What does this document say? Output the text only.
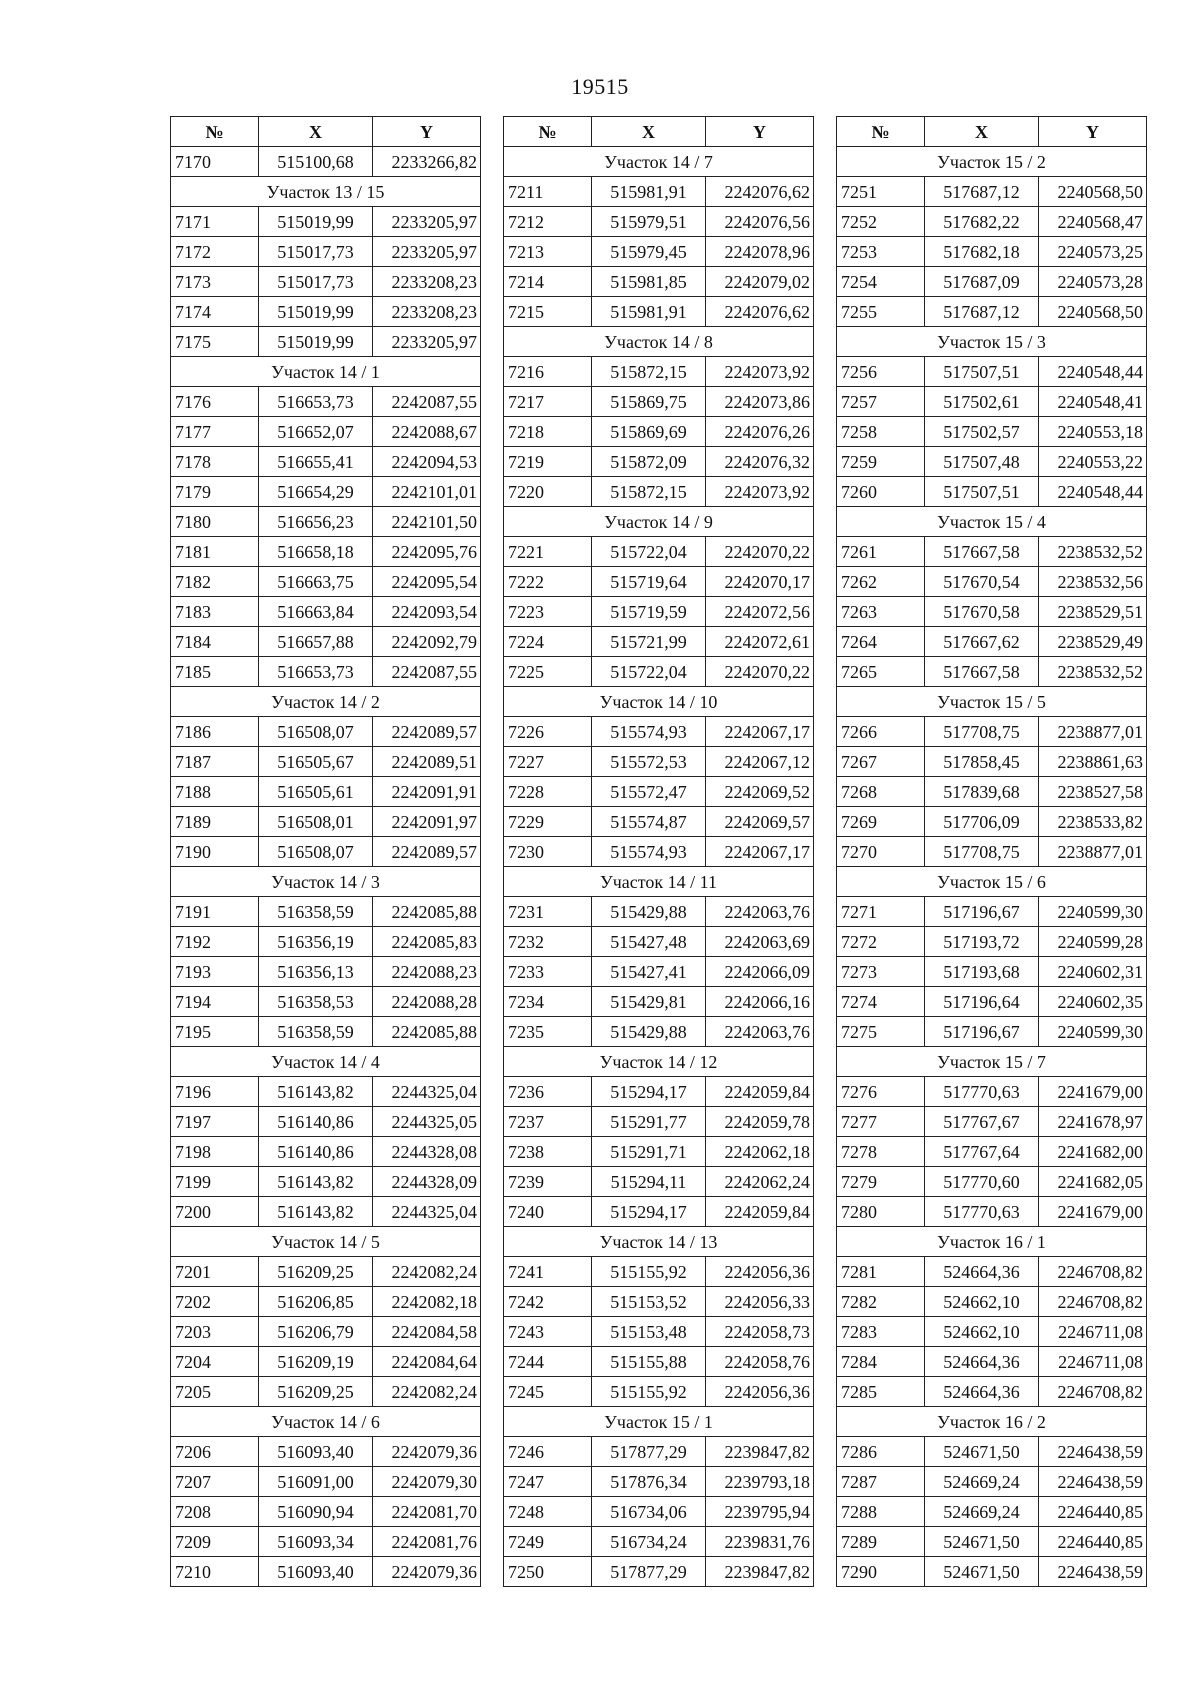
19515
№	X	Y
7170	515100,68	2233266,82
Участок 13 / 15		
7171	515019,99	2233205,97
7172	515017,73	2233205,97
7173	515017,73	2233208,23
7174	515019,99	2233208,23
7175	515019,99	2233205,97
Участок 14 / 1		
7176	516653,73	2242087,55
7177	516652,07	2242088,67
7178	516655,41	2242094,53
7179	516654,29	2242101,01
7180	516656,23	2242101,50
7181	516658,18	2242095,76
7182	516663,75	2242095,54
7183	516663,84	2242093,54
7184	516657,88	2242092,79
7185	516653,73	2242087,55
Участок 14 / 2		
7186	516508,07	2242089,57
7187	516505,67	2242089,51
7188	516505,61	2242091,91
7189	516508,01	2242091,97
7190	516508,07	2242089,57
Участок 14 / 3		
7191	516358,59	2242085,88
7192	516356,19	2242085,83
7193	516356,13	2242088,23
7194	516358,53	2242088,28
7195	516358,59	2242085,88
Участок 14 / 4		
7196	516143,82	2244325,04
7197	516140,86	2244325,05
7198	516140,86	2244328,08
7199	516143,82	2244328,09
7200	516143,82	2244325,04
Участок 14 / 5		
7201	516209,25	2242082,24
7202	516206,85	2242082,18
7203	516206,79	2242084,58
7204	516209,19	2242084,64
7205	516209,25	2242082,24
Участок 14 / 6		
7206	516093,40	2242079,36
7207	516091,00	2242079,30
7208	516090,94	2242081,70
7209	516093,34	2242081,76
7210	516093,40	2242079,36
№	X	Y
Участок 14 / 7		
7211	515981,91	2242076,62
7212	515979,51	2242076,56
7213	515979,45	2242078,96
7214	515981,85	2242079,02
7215	515981,91	2242076,62
Участок 14 / 8		
7216	515872,15	2242073,92
7217	515869,75	2242073,86
7218	515869,69	2242076,26
7219	515872,09	2242076,32
7220	515872,15	2242073,92
Участок 14 / 9		
7221	515722,04	2242070,22
7222	515719,64	2242070,17
7223	515719,59	2242072,56
7224	515721,99	2242072,61
7225	515722,04	2242070,22
Участок 14 / 10		
7226	515574,93	2242067,17
7227	515572,53	2242067,12
7228	515572,47	2242069,52
7229	515574,87	2242069,57
7230	515574,93	2242067,17
Участок 14 / 11		
7231	515429,88	2242063,76
7232	515427,48	2242063,69
7233	515427,41	2242066,09
7234	515429,81	2242066,16
7235	515429,88	2242063,76
Участок 14 / 12		
7236	515294,17	2242059,84
7237	515291,77	2242059,78
7238	515291,71	2242062,18
7239	515294,11	2242062,24
7240	515294,17	2242059,84
Участок 14 / 13		
7241	515155,92	2242056,36
7242	515153,52	2242056,33
7243	515153,48	2242058,73
7244	515155,88	2242058,76
7245	515155,92	2242056,36
Участок 15 / 1		
7246	517877,29	2239847,82
7247	517876,34	2239793,18
7248	516734,06	2239795,94
7249	516734,24	2239831,76
7250	517877,29	2239847,82
№	X	Y
Участок 15 / 2		
7251	517687,12	2240568,50
7252	517682,22	2240568,47
7253	517682,18	2240573,25
7254	517687,09	2240573,28
7255	517687,12	2240568,50
Участок 15 / 3		
7256	517507,51	2240548,44
7257	517502,61	2240548,41
7258	517502,57	2240553,18
7259	517507,48	2240553,22
7260	517507,51	2240548,44
Участок 15 / 4		
7261	517667,58	2238532,52
7262	517670,54	2238532,56
7263	517670,58	2238529,51
7264	517667,62	2238529,49
7265	517667,58	2238532,52
Участок 15 / 5		
7266	517708,75	2238877,01
7267	517858,45	2238861,63
7268	517839,68	2238527,58
7269	517706,09	2238533,82
7270	517708,75	2238877,01
Участок 15 / 6		
7271	517196,67	2240599,30
7272	517193,72	2240599,28
7273	517193,68	2240602,31
7274	517196,64	2240602,35
7275	517196,67	2240599,30
Участок 15 / 7		
7276	517770,63	2241679,00
7277	517767,67	2241678,97
7278	517767,64	2241682,00
7279	517770,60	2241682,05
7280	517770,63	2241679,00
Участок 16 / 1		
7281	524664,36	2246708,82
7282	524662,10	2246708,82
7283	524662,10	2246711,08
7284	524664,36	2246711,08
7285	524664,36	2246708,82
Участок 16 / 2		
7286	524671,50	2246438,59
7287	524669,24	2246438,59
7288	524669,24	2246440,85
7289	524671,50	2246440,85
7290	524671,50	2246438,59
